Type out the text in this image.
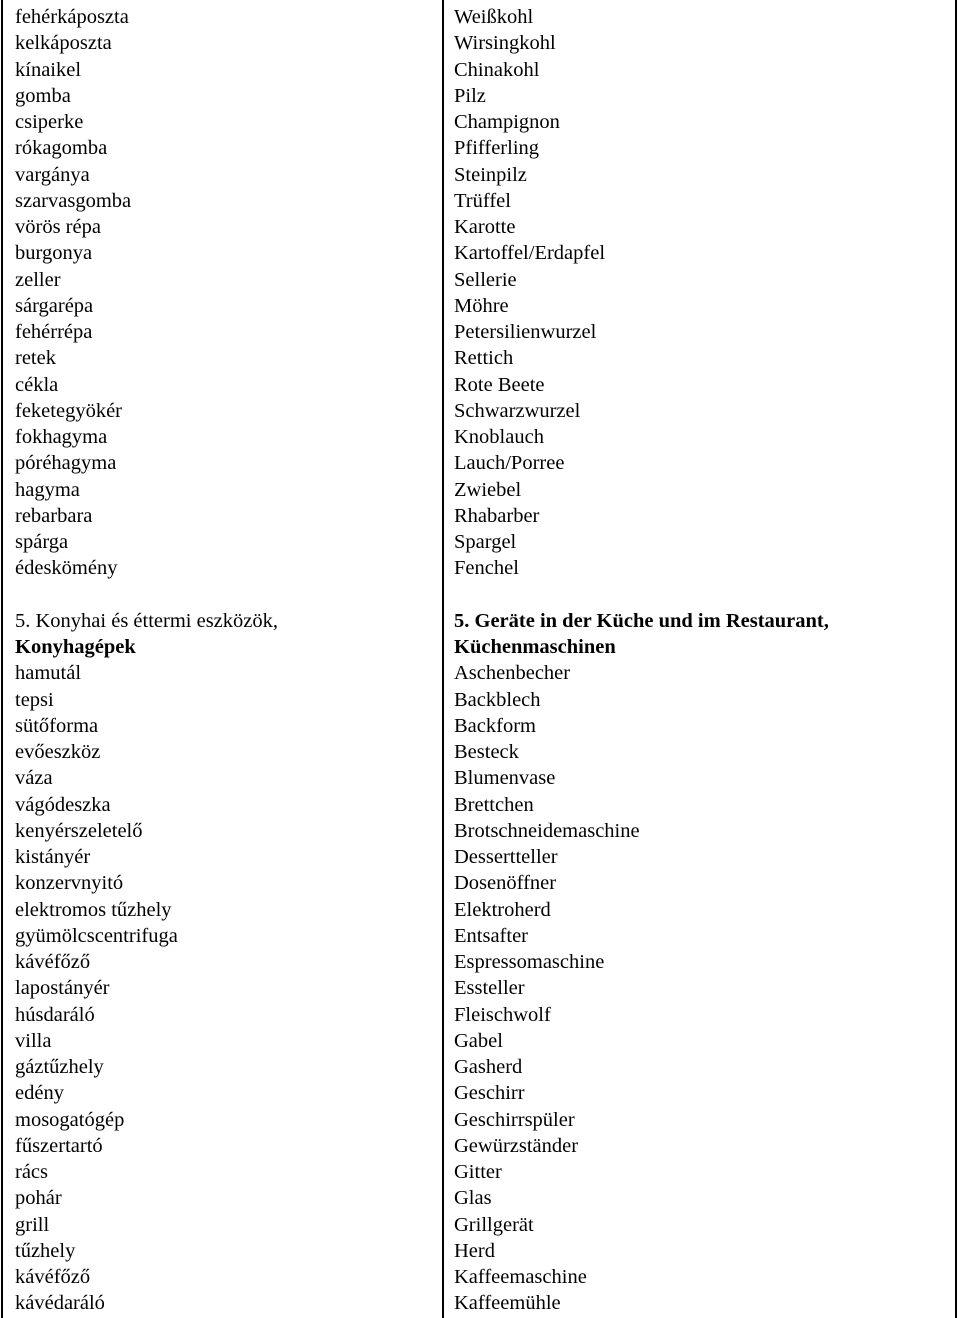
fehérkáposzta
kelkáposzta
kínaikel
gomba
csiperke
rókagomba
vargánya
szarvasgomba
vörös répa
burgonya
zeller
sárgarépa
fehérrépa
retek
cékla
feketegyökér
fokhagyma
póréhagyma
hagyma
rebarbara
spárga
édeskömény
5. Konyhai és éttermi eszközök,
Konyhagépek
hamutál
tepsi
sütőforma
evőeszköz
váza
vágódeszka
kenyérszeletelő
kistányér
konzervnyitó
elektromos tűzhely
gyümölcscentrifuga
kávéfőző
lapostányér
húsdaráló
villa
gáztűzhely
edény
mosogatógép
fűszertartó
rács
pohár
grill
tűzhely
kávéfőző
kávédaráló
Weißkohl
Wirsingkohl
Chinakohl
Pilz
Champignon
Pfifferling
Steinpilz
Trüffel
Karotte
Kartoffel/Erdapfel
Sellerie
Möhre
Petersilienwurzel
Rettich
Rote Beete
Schwarzwurzel
Knoblauch
Lauch/Porree
Zwiebel
Rhabarber
Spargel
Fenchel
5. Geräte in der Küche und im Restaurant,
Küchenmaschinen
Aschenbecher
Backblech
Backform
Besteck
Blumenvase
Brettchen
Brotschneidemaschine
Dessertteller
Dosenöffner
Elektroherd
Entsafter
Espressomaschine
Essteller
Fleischwolf
Gabel
Gasherd
Geschirr
Geschirrspüler
Gewürzständer
Gitter
Glas
Grillgerät
Herd
Kaffeemaschine
Kaffeemühle
